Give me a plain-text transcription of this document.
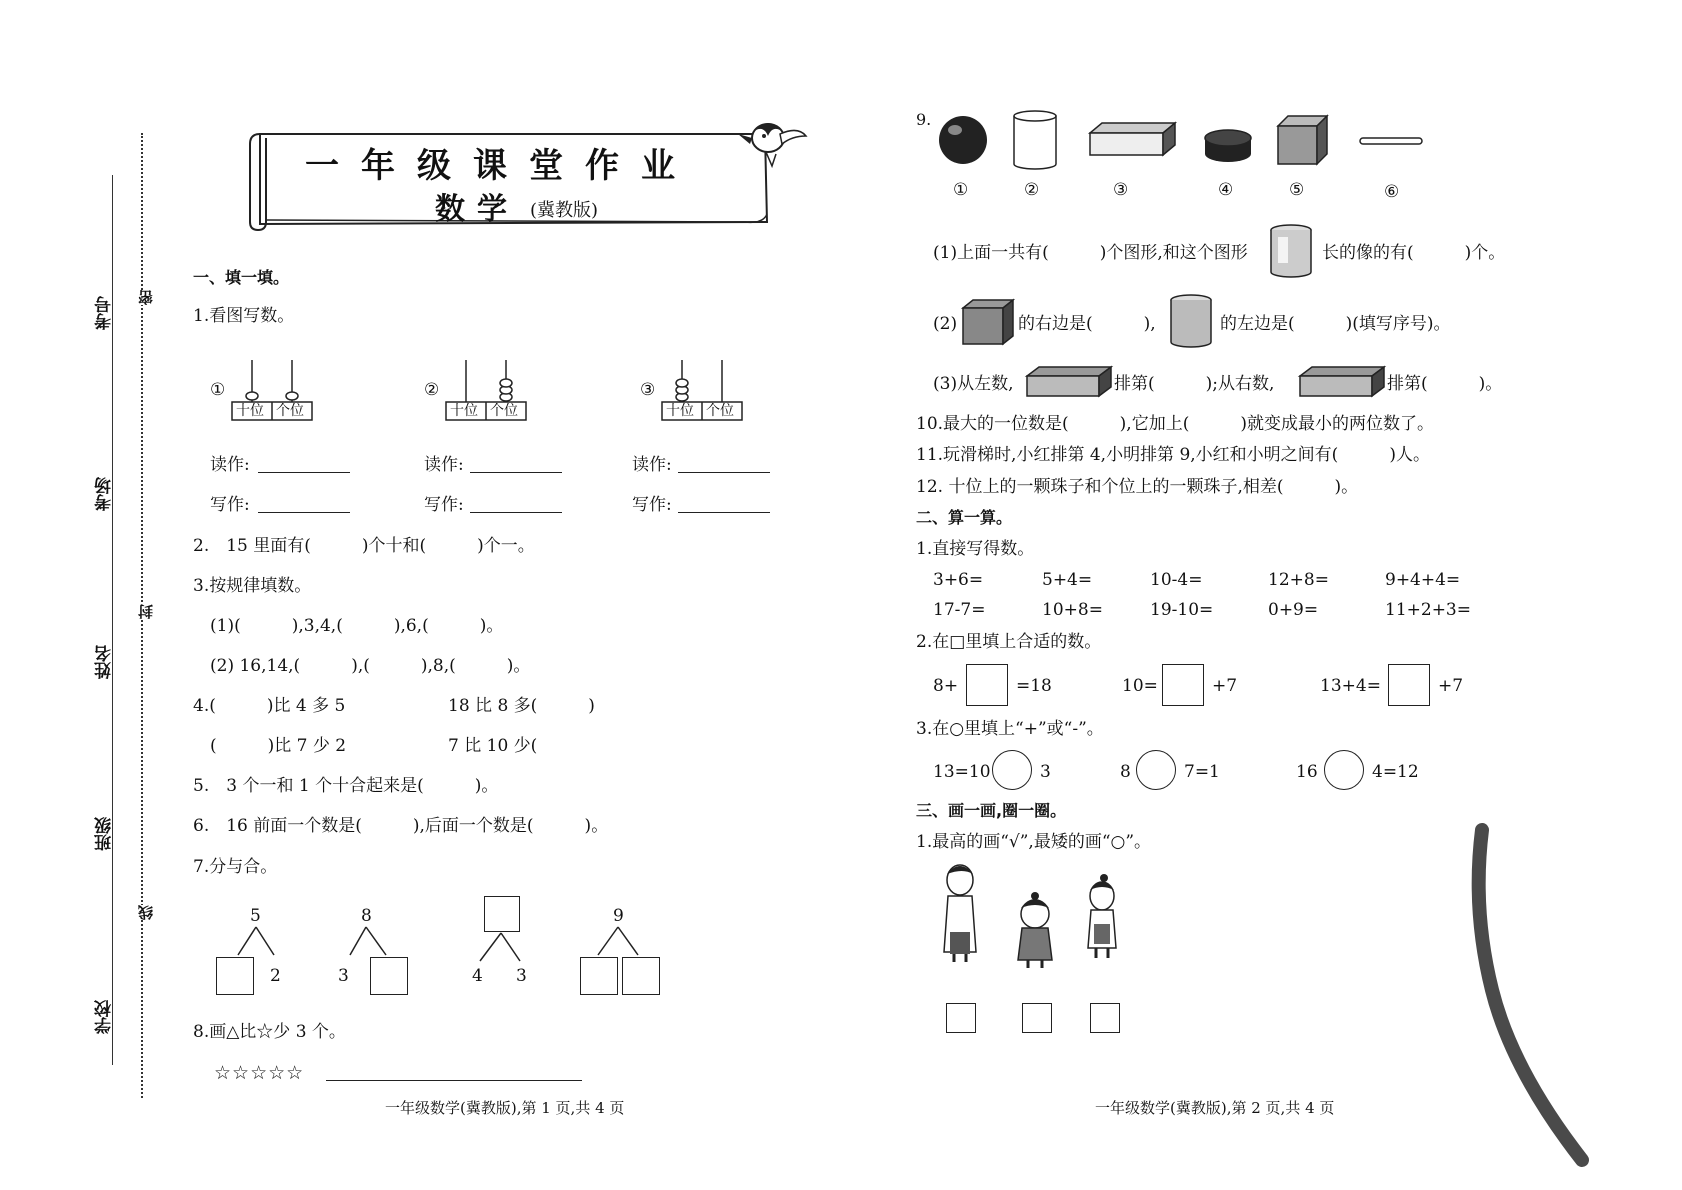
考号
考场
姓名
班级
学校
密
封
线
一年级课堂作业
数学 (冀教版)
一、填一填。
1.看图写数。
①
十位 个位
②
十位 个位
③
十位 个位
读作:	读作:	读作:
写作:	写作:	写作:
2.　15 里面有(　　　)个十和(　　　)个一。
3.按规律填数。
(1)(　　　),3,4,(　　　),6,(　　　)。
(2) 16,14,(　　　),(　　　),8,(　　　)。
4.(　　　)比 4 多 5	18 比 8 多(　　　)
(　　　)比 7 少 2	7 比 10 少(
5.　3 个一和 1 个十合起来是(　　　)。
6.　16 前面一个数是(　　　),后面一个数是(　　　)。
7.分与合。
5
2
8
3	4 3
9
8.画△比☆少 3 个。
☆☆☆☆☆
一年级数学(冀教版),第 1 页,共 4 页
9.
①	②	③	④	⑤	⑥
(1)上面一共有(　　　)个图形,和这个图形	长的像的有(　　　)个。
(2)	的右边是(　　　),	的左边是(　　　)(填写序号)。
(3)从左数,	排第(　　　);从右数,	排第(　　　)。
10.最大的一位数是(　　　),它加上(　　　)就变成最小的两位数了。
11.玩滑梯时,小红排第 4,小明排第 9,小红和小明之间有(　　　)人。
12. 十位上的一颗珠子和个位上的一颗珠子,相差(　　　)。
二、算一算。
1.直接写得数。
3+6=	5+4=	10-4=	12+8=	9+4+4=
17-7=	10+8=	19-10=	0+9=	11+2+3=
2.在□里填上合适的数。
8+	=18	10=	+7	13+4=	+7
3.在○里填上“+”或“-”。
13=10	3	8	7=1	16	4=12
三、画一画,圈一圈。
1.最高的画“√”,最矮的画“○”。
一年级数学(冀教版),第 2 页,共 4 页
